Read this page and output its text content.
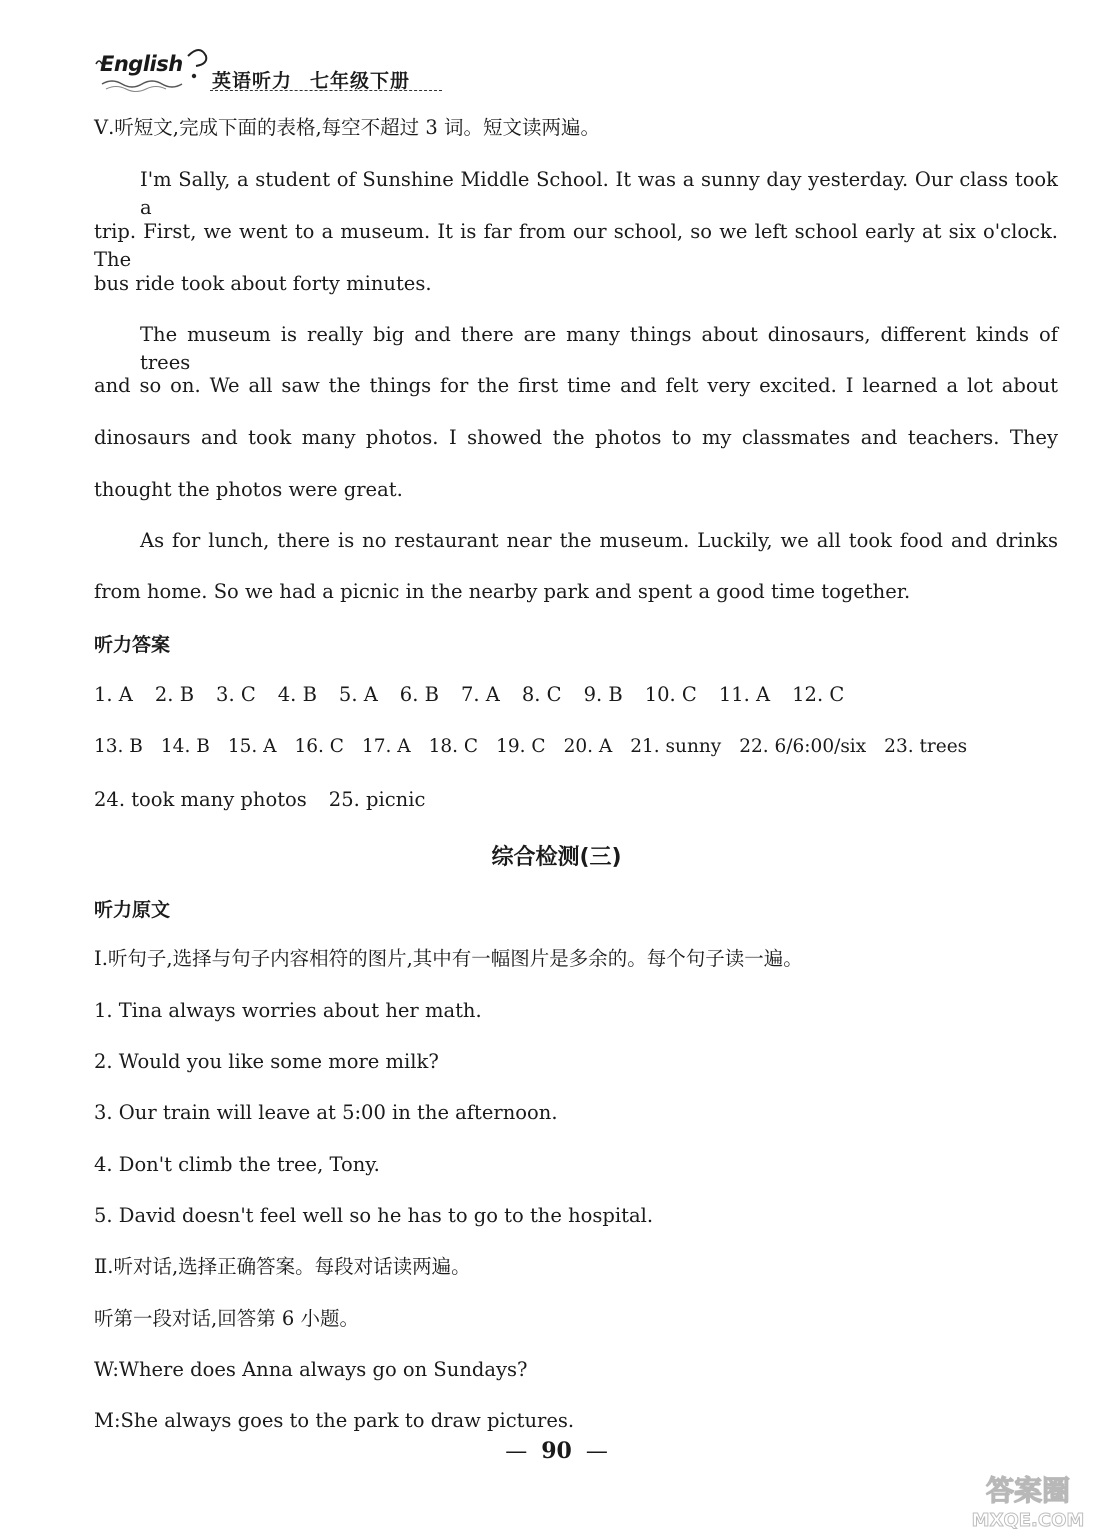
English
英语听力 七年级下册
Ⅴ.听短文,完成下面的表格,每空不超过 3 词。短文读两遍。
I'm Sally, a student of Sunshine Middle School. It was a sunny day yesterday. Our class took a
trip. First, we went to a museum. It is far from our school, so we left school early at six o'clock. The
bus ride took about forty minutes.
The museum is really big and there are many things about dinosaurs, different kinds of trees
and so on. We all saw the things for the first time and felt very excited. I learned a lot about
dinosaurs and took many photos. I showed the photos to my classmates and teachers. They
thought the photos were great.
As for lunch, there is no restaurant near the museum. Luckily, we all took food and drinks
from home. So we had a picnic in the nearby park and spent a good time together.
听力答案
1. A 2. B 3. C 4. B 5. A 6. B 7. A 8. C 9. B 10. C 11. A 12. C
13. B 14. B 15. A 16. C 17. A 18. C 19. C 20. A 21. sunny 22. 6/6:00/six 23. trees
24. took many photos 25. picnic
综合检测(三)
听力原文
Ⅰ.听句子,选择与句子内容相符的图片,其中有一幅图片是多余的。每个句子读一遍。
1. Tina always worries about her math.
2. Would you like some more milk?
3. Our train will leave at 5:00 in the afternoon.
4. Don't climb the tree, Tony.
5. David doesn't feel well so he has to go to the hospital.
Ⅱ.听对话,选择正确答案。每段对话读两遍。
听第一段对话,回答第 6 小题。
W:Where does Anna always go on Sundays?
M:She always goes to the park to draw pictures.
— 90 —
答案圈
MXQE.COM
